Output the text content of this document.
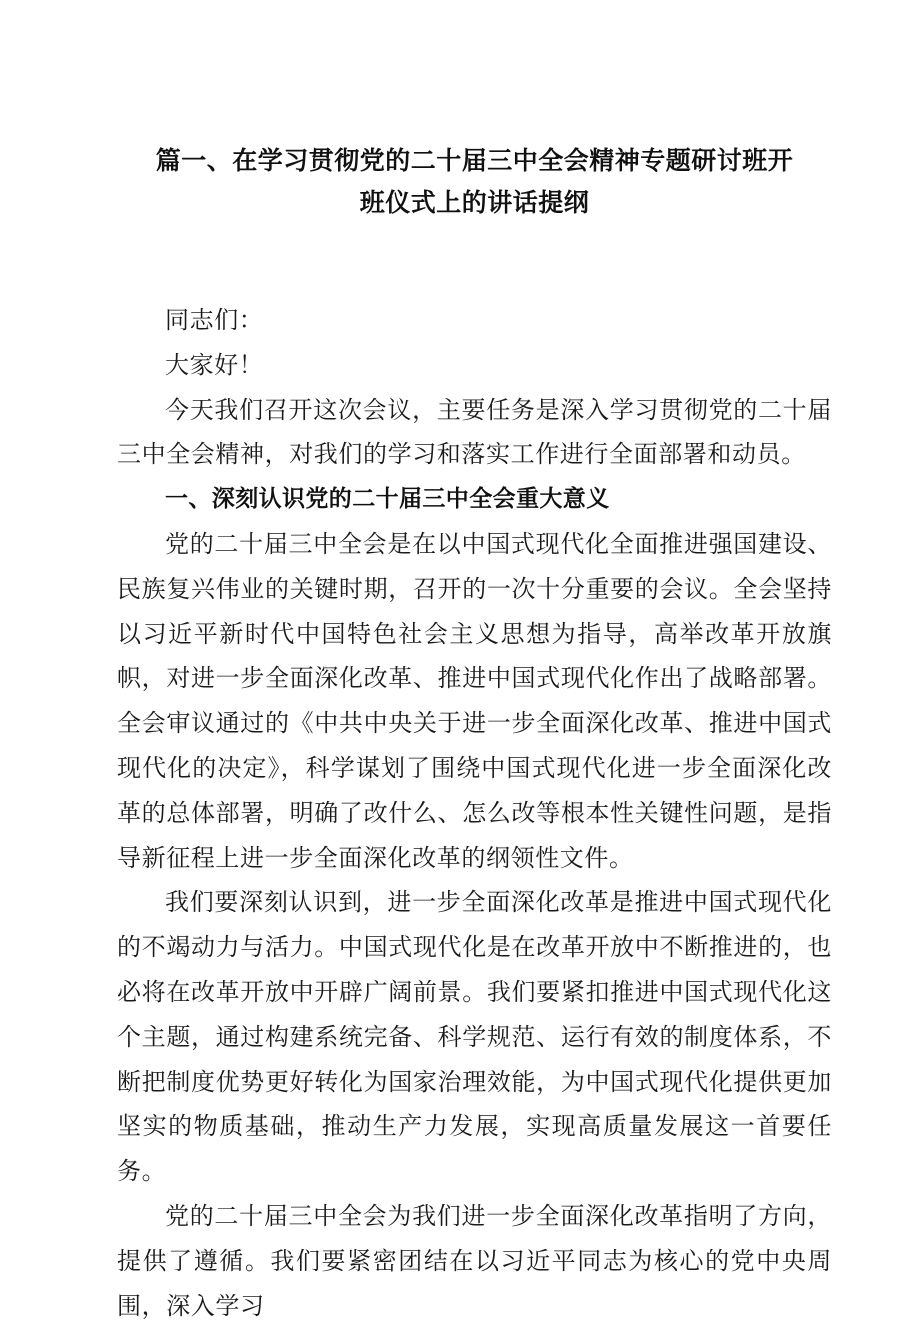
篇一、在学习贯彻党的二十届三中全会精神专题研讨班开
班仪式上的讲话提纲

同志们：

大家好！

今天我们召开这次会议，主要任务是深入学习贯彻党的二十届三中全会精神，对我们的学习和落实工作进行全面部署和动员。

一、深刻认识党的二十届三中全会重大意义

党的二十届三中全会是在以中国式现代化全面推进强国建设、民族复兴伟业的关键时期，召开的一次十分重要的会议。全会坚持以习近平新时代中国特色社会主义思想为指导，高举改革开放旗帜，对进一步全面深化改革、推进中国式现代化作出了战略部署。全会审议通过的《中共中央关于进一步全面深化改革、推进中国式现代化的决定》，科学谋划了围绕中国式现代化进一步全面深化改革的总体部署，明确了改什么、怎么改等根本性关键性问题，是指导新征程上进一步全面深化改革的纲领性文件。

我们要深刻认识到，进一步全面深化改革是推进中国式现代化的不竭动力与活力。中国式现代化是在改革开放中不断推进的，也必将在改革开放中开辟广阔前景。我们要紧扣推进中国式现代化这个主题，通过构建系统完备、科学规范、运行有效的制度体系，不断把制度优势更好转化为国家治理效能，为中国式现代化提供更加坚实的物质基础，推动生产力发展，实现高质量发展这一首要任务。

党的二十届三中全会为我们进一步全面深化改革指明了方向，提供了遵循。我们要紧密团结在以习近平同志为核心的党中央周围，深入学习
